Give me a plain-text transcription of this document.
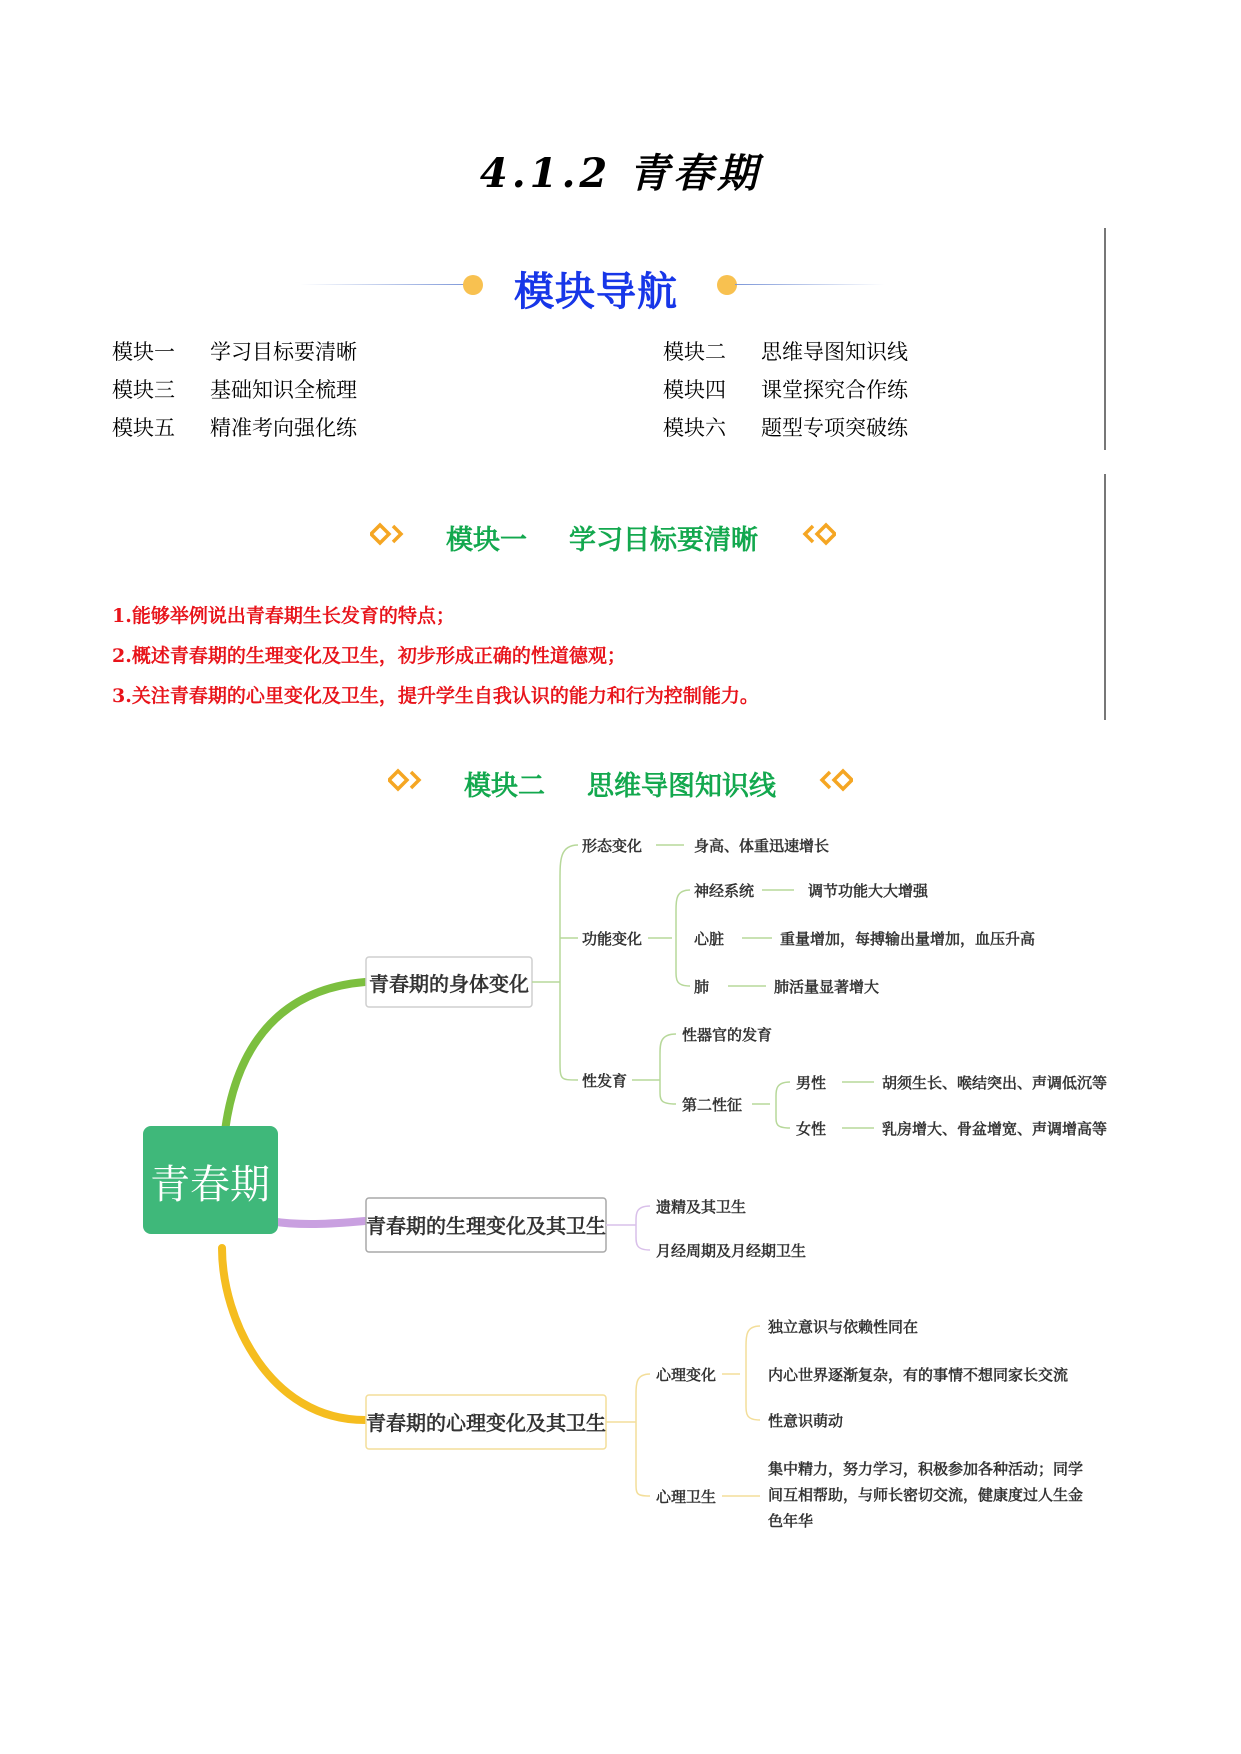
4.1.2 青春期
模块导航
模块一 学习目标要清晰	模块二 思维导图知识线
模块三 基础知识全梳理	模块四 课堂探究合作练
模块五 精准考向强化练	模块六 题型专项突破练
模块一 学习目标要清晰
1.能够举例说出青春期生长发育的特点；
2.概述青春期的生理变化及卫生，初步形成正确的性道德观；
3.关注青春期的心里变化及卫生，提升学生自我认识的能力和行为控制能力。
模块二 思维导图知识线
青春期
青春期的身体变化
青春期的生理变化及其卫生
青春期的心理变化及其卫生
形态变化	身高、体重迅速增长
功能变化
神经系统	调节功能大大增强
心脏	重量增加，每搏输出量增加，血压升高
肺	肺活量显著增大
性发育
性器官的发育
第二性征
男性	胡须生长、喉结突出、声调低沉等
女性	乳房增大、骨盆增宽、声调增高等
遗精及其卫生
月经周期及月经期卫生
心理变化
独立意识与依赖性同在
内心世界逐渐复杂，有的事情不想同家长交流
性意识萌动
心理卫生
集中精力，努力学习，积极参加各种活动；同学
间互相帮助，与师长密切交流，健康度过人生金
色年华
